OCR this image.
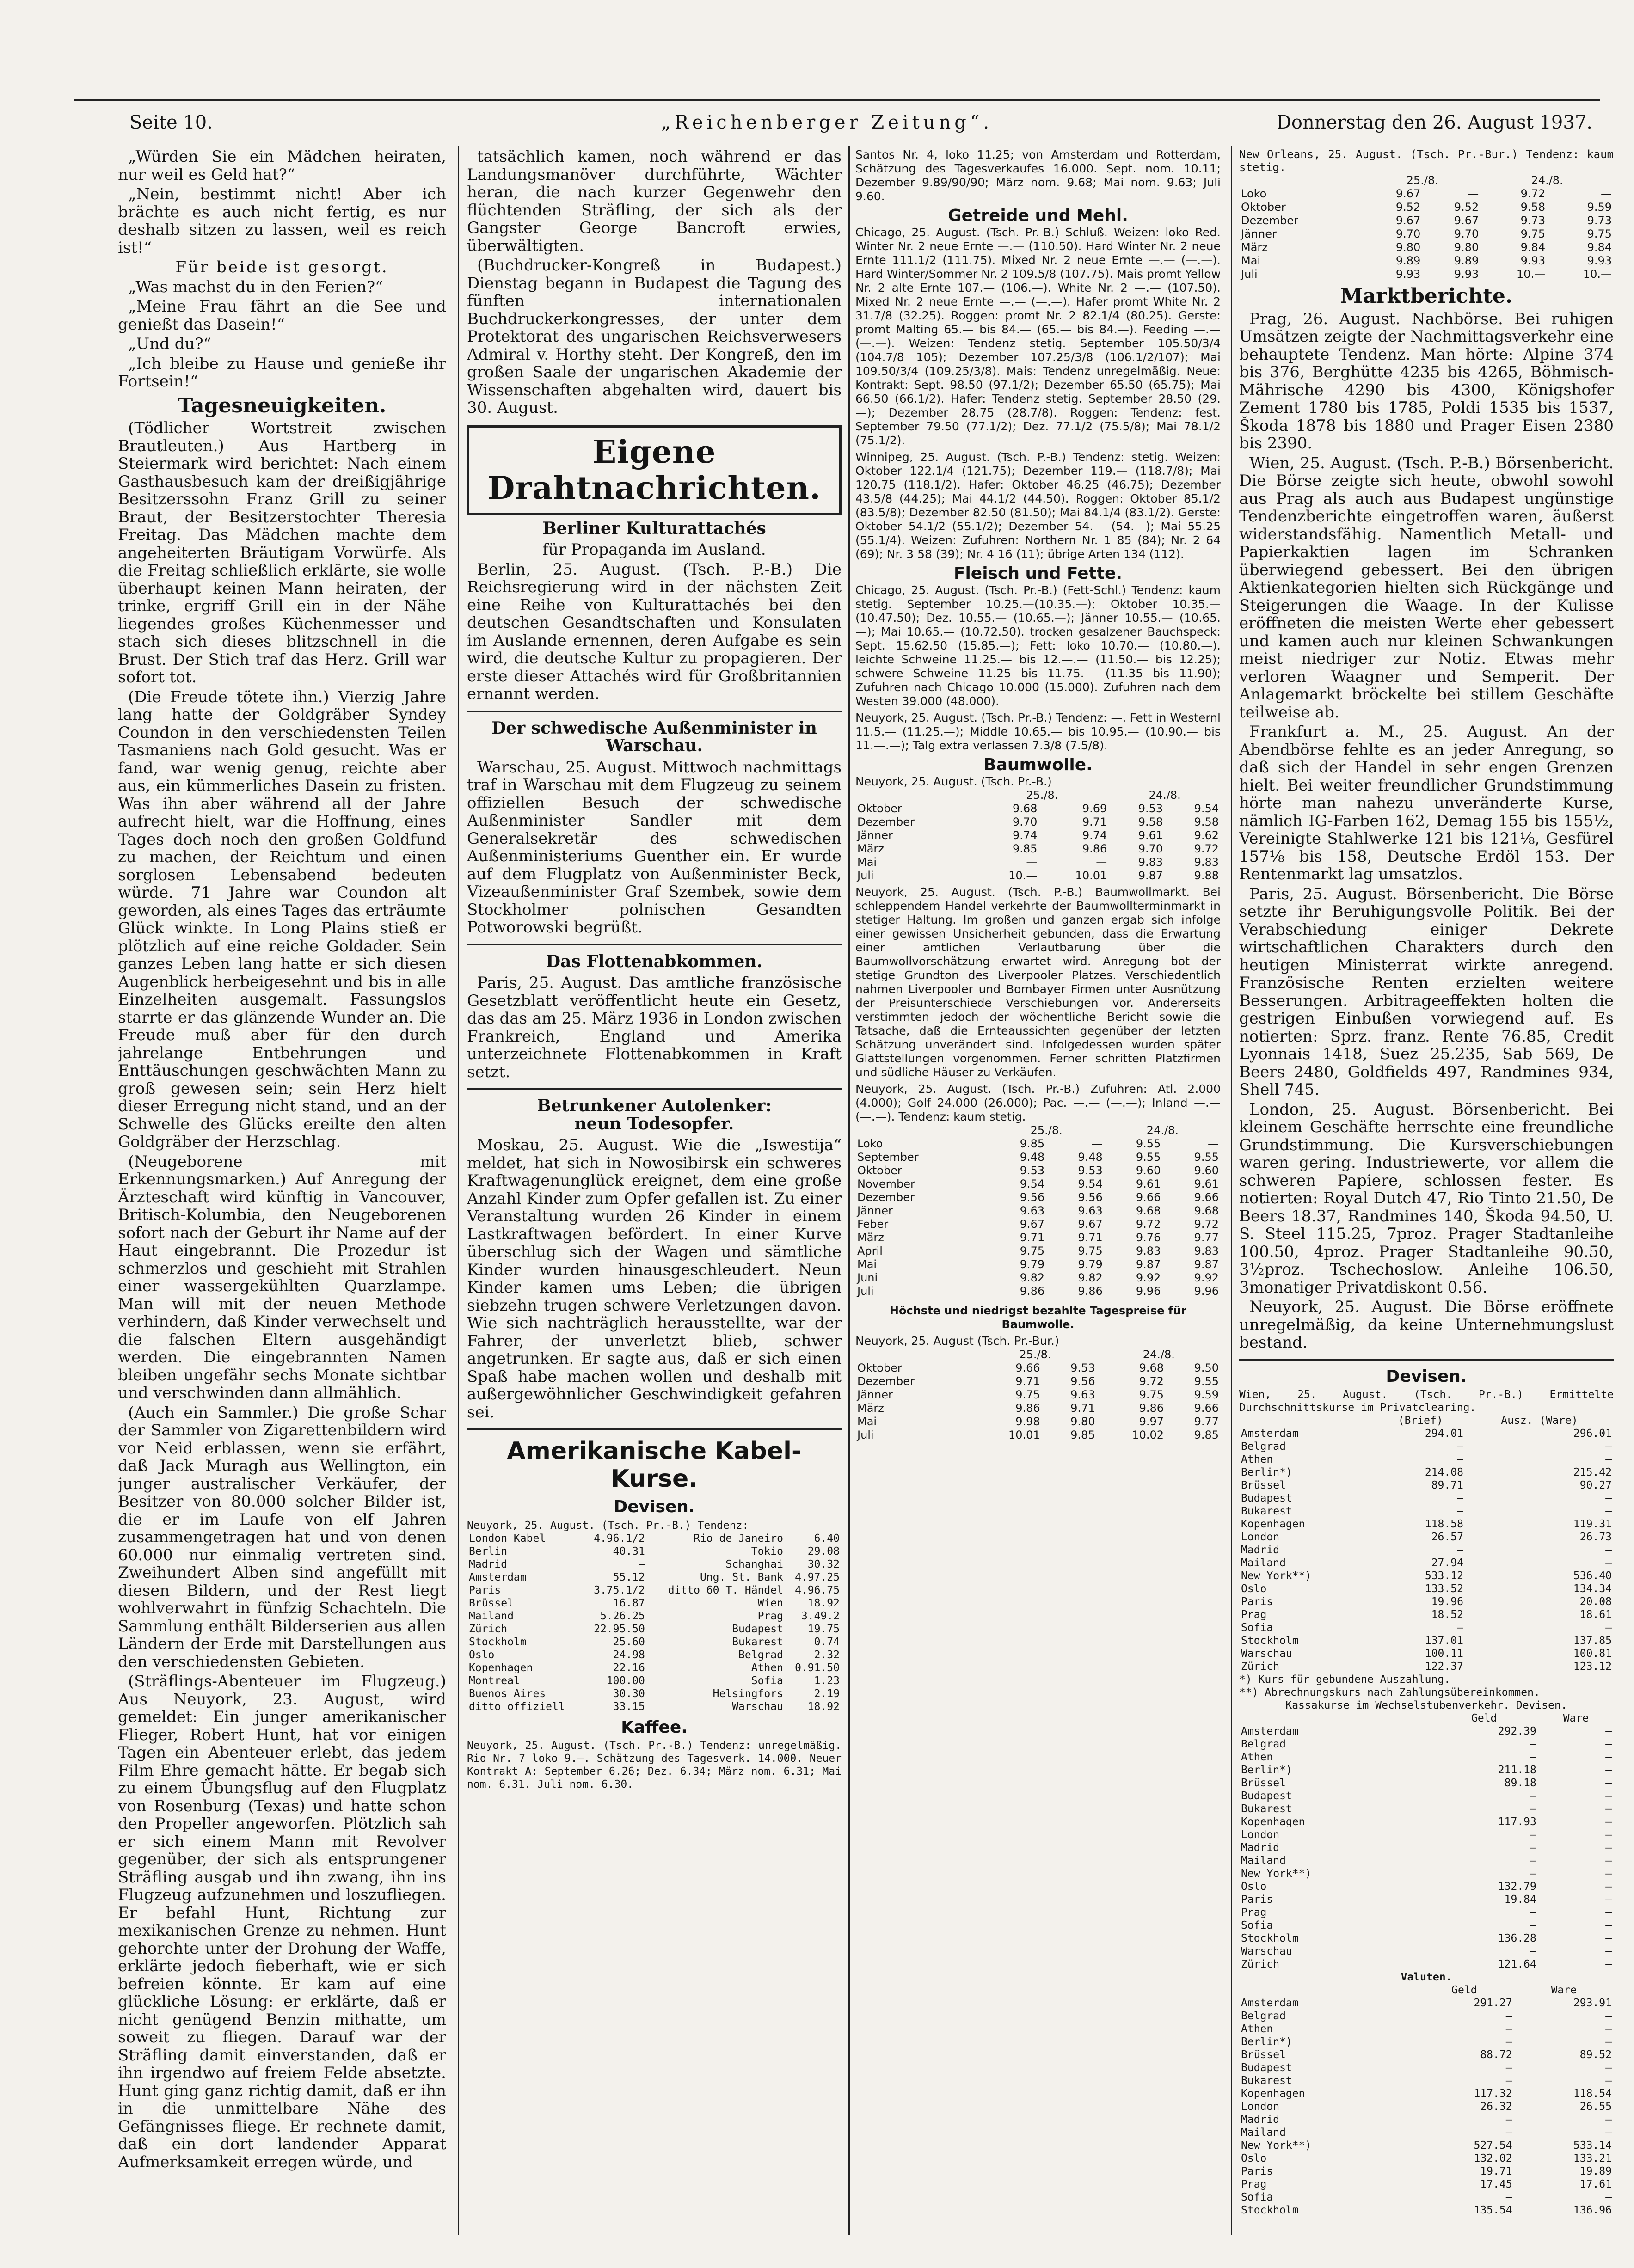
Seite 10.	„Reichenberger Zeitung“.	Donnerstag den 26. August 1937.

„Würden Sie ein Mädchen heiraten, nur weil es Geld hat?“

„Nein, bestimmt nicht! Aber ich brächte es auch nicht fertig, es nur deshalb sitzen zu lassen, weil es reich ist!“

Für beide ist gesorgt.

„Was machst du in den Ferien?“

„Meine Frau fährt an die See und genießt das Dasein!“

„Und du?“

„Ich bleibe zu Hause und genieße ihr Fortsein!“

Tagesneuigkeiten.

(Tödlicher Wortstreit zwischen Brautleuten.) Aus Hartberg in Steiermark wird berichtet: Nach einem Gasthausbesuch kam der dreißigjährige Besitzerssohn Franz Grill zu seiner Braut, der Besitzerstochter Theresia Freitag. Das Mädchen machte dem angeheiterten Bräutigam Vorwürfe. Als die Freitag schließlich erklärte, sie wolle überhaupt keinen Mann heiraten, der trinke, ergriff Grill ein in der Nähe liegendes großes Küchenmesser und stach sich dieses blitzschnell in die Brust. Der Stich traf das Herz. Grill war sofort tot.

(Die Freude tötete ihn.) Vierzig Jahre lang hatte der Goldgräber Syndey Coundon in den verschiedensten Teilen Tasmaniens nach Gold gesucht. Was er fand, war wenig genug, reichte aber aus, ein kümmerliches Dasein zu fristen. Was ihn aber während all der Jahre aufrecht hielt, war die Hoffnung, eines Tages doch noch den großen Goldfund zu machen, der Reichtum und einen sorglosen Lebensabend bedeuten würde. 71 Jahre war Coundon alt geworden, als eines Tages das erträumte Glück winkte. In Long Plains stieß er plötzlich auf eine reiche Goldader. Sein ganzes Leben lang hatte er sich diesen Augenblick herbeigesehnt und bis in alle Einzelheiten ausgemalt. Fassungslos starrte er das glänzende Wunder an. Die Freude muß aber für den durch jahrelange Entbehrungen und Enttäuschungen geschwächten Mann zu groß gewesen sein; sein Herz hielt dieser Erregung nicht stand, und an der Schwelle des Glücks ereilte den alten Goldgräber der Herzschlag.

(Neugeborene mit Erkennungsmarken.) Auf Anregung der Ärzteschaft wird künftig in Vancouver, Britisch-Kolumbia, den Neugeborenen sofort nach der Geburt ihr Name auf der Haut eingebrannt. Die Prozedur ist schmerzlos und geschieht mit Strahlen einer wassergekühlten Quarzlampe. Man will mit der neuen Methode verhindern, daß Kinder verwechselt und die falschen Eltern ausgehändigt werden. Die eingebrannten Namen bleiben ungefähr sechs Monate sichtbar und verschwinden dann allmählich.

(Auch ein Sammler.) Die große Schar der Sammler von Zigarettenbildern wird vor Neid erblassen, wenn sie erfährt, daß Jack Muragh aus Wellington, ein junger australischer Verkäufer, der Besitzer von 80.000 solcher Bilder ist, die er im Laufe von elf Jahren zusammengetragen hat und von denen 60.000 nur einmalig vertreten sind. Zweihundert Alben sind angefüllt mit diesen Bildern, und der Rest liegt wohlverwahrt in fünfzig Schachteln. Die Sammlung enthält Bilderserien aus allen Ländern der Erde mit Darstellungen aus den verschiedensten Gebieten.

(Sträflings-Abenteuer im Flugzeug.) Aus Neuyork, 23. August, wird gemeldet: Ein junger amerikanischer Flieger, Robert Hunt, hat vor einigen Tagen ein Abenteuer erlebt, das jedem Film Ehre gemacht hätte. Er begab sich zu einem Übungsflug auf den Flugplatz von Rosenburg (Texas) und hatte schon den Propeller angeworfen. Plötzlich sah er sich einem Mann mit Revolver gegenüber, der sich als entsprungener Sträfling ausgab und ihn zwang, ihn ins Flugzeug aufzunehmen und loszufliegen. Er befahl Hunt, Richtung zur mexikanischen Grenze zu nehmen. Hunt gehorchte unter der Drohung der Waffe, erklärte jedoch fieberhaft, wie er sich befreien könnte. Er kam auf eine glückliche Lösung: er erklärte, daß er nicht genügend Benzin mithatte, um soweit zu fliegen. Darauf war der Sträfling damit einverstanden, daß er ihn irgendwo auf freiem Felde absetzte. Hunt ging ganz richtig damit, daß er ihn in die unmittelbare Nähe des Gefängnisses fliege. Er rechnete damit, daß ein dort landender Apparat Aufmerksamkeit erregen würde, und

tatsächlich kamen, noch während er das Landungsmanöver durchführte, Wächter heran, die nach kurzer Gegenwehr den flüchtenden Sträfling, der sich als der Gangster George Bancroft erwies, überwältigten.

(Buchdrucker-Kongreß in Budapest.) Dienstag begann in Budapest die Tagung des fünften internationalen Buchdruckerkongresses, der unter dem Protektorat des ungarischen Reichsverwesers Admiral v. Horthy steht. Der Kongreß, den im großen Saale der ungarischen Akademie der Wissenschaften abgehalten wird, dauert bis 30. August.

Eigene Drahtnachrichten.
Berliner Kulturattachés

für Propaganda im Ausland.

Berlin, 25. August. (Tsch. P.-B.) Die Reichsregierung wird in der nächsten Zeit eine Reihe von Kulturattachés bei den deutschen Gesandtschaften und Konsulaten im Auslande ernennen, deren Aufgabe es sein wird, die deutsche Kultur zu propagieren. Der erste dieser Attachés wird für Großbritannien ernannt werden.

Der schwedische Außenminister in Warschau.

Warschau, 25. August. Mittwoch nachmittags traf in Warschau mit dem Flugzeug zu seinem offiziellen Besuch der schwedische Außenminister Sandler mit dem Generalsekretär des schwedischen Außenministeriums Guenther ein. Er wurde auf dem Flugplatz von Außenminister Beck, Vizeaußenminister Graf Szembek, sowie dem Stockholmer polnischen Gesandten Potworowski begrüßt.

Das Flottenabkommen.

Paris, 25. August. Das amtliche französische Gesetzblatt veröffentlicht heute ein Gesetz, das das am 25. März 1936 in London zwischen Frankreich, England und Amerika unterzeichnete Flottenabkommen in Kraft setzt.

Betrunkener Autolenker:
neun Todesopfer.

Moskau, 25. August. Wie die „Iswestija“ meldet, hat sich in Nowosibirsk ein schweres Kraftwagenunglück ereignet, dem eine große Anzahl Kinder zum Opfer gefallen ist. Zu einer Veranstaltung wurden 26 Kinder in einem Lastkraftwagen befördert. In einer Kurve überschlug sich der Wagen und sämtliche Kinder wurden hinausgeschleudert. Neun Kinder kamen ums Leben; die übrigen siebzehn trugen schwere Verletzungen davon. Wie sich nachträglich herausstellte, war der Fahrer, der unverletzt blieb, schwer angetrunken. Er sagte aus, daß er sich einen Spaß habe machen wollen und deshalb mit außergewöhnlicher Geschwindigkeit gefahren sei.

Amerikanische Kabel-Kurse.
Devisen.
Neuyork, 25. August. (Tsch. Pr.-B.) Tendenz:
London Kabel	4.96.1/2	Rio de Janeiro	6.40
Berlin	40.31	Tokio	29.08
Madrid	—	Schanghai	30.32
Amsterdam	55.12	Ung. St. Bank	4.97.25
Paris	3.75.1/2	ditto 60 T. Händel	4.96.75
Brüssel	16.87	Wien	18.92
Mailand	5.26.25	Prag	3.49.2
Zürich	22.95.50	Budapest	19.75
Stockholm	25.60	Bukarest	0.74
Oslo	24.98	Belgrad	2.32
Kopenhagen	22.16	Athen	0.91.50
Montreal	100.00	Sofia	1.23
Buenos Aires	30.30	Helsingfors	2.19
ditto offiziell	33.15	Warschau	18.92
Kaffee.
Neuyork, 25. August. (Tsch. Pr.-B.) Tendenz: unregelmäßig. Rio Nr. 7 loko 9.—. Schätzung des Tagesverk. 14.000. Neuer Kontrakt A: September 6.26; Dez. 6.34; März nom. 6.31; Mai nom. 6.31. Juli nom. 6.30.
Santos Nr. 4, loko 11.25; von Amsterdam und Rotterdam, Schätzung des Tagesverkaufes 16.000. Sept. nom. 10.11; Dezember 9.89/90/90; März nom. 9.68; Mai nom. 9.63; Juli 9.60.
Getreide und Mehl.
Chicago, 25. August. (Tsch. Pr.-B.) Schluß. Weizen: loko Red. Winter Nr. 2 neue Ernte —.— (110.50). Hard Winter Nr. 2 neue Ernte 111.1/2 (111.75). Mixed Nr. 2 neue Ernte —.— (—.—). Hard Winter/Sommer Nr. 2 109.5/8 (107.75). Mais promt Yellow Nr. 2 alte Ernte 107.— (106.—). White Nr. 2 —.— (107.50). Mixed Nr. 2 neue Ernte —.— (—.—). Hafer promt White Nr. 2 31.7/8 (32.25). Roggen: promt Nr. 2 82.1/4 (80.25). Gerste: promt Malting 65.— bis 84.— (65.— bis 84.—). Feeding —.— (—.—). Weizen: Tendenz stetig. September 105.50/3/4 (104.7/8 105); Dezember 107.25/3/8 (106.1/2/107); Mai 109.50/3/4 (109.25/3/8). Mais: Tendenz unregelmäßig. Neue: Kontrakt: Sept. 98.50 (97.1/2); Dezember 65.50 (65.75); Mai 66.50 (66.1/2). Hafer: Tendenz stetig. September 28.50 (29.—); Dezember 28.75 (28.7/8). Roggen: Tendenz: fest. September 79.50 (77.1/2); Dez. 77.1/2 (75.5/8); Mai 78.1/2 (75.1/2).
Winnipeg, 25. August. (Tsch. P.-B.) Tendenz: stetig. Weizen: Oktober 122.1/4 (121.75); Dezember 119.— (118.7/8); Mai 120.75 (118.1/2). Hafer: Oktober 46.25 (46.75); Dezember 43.5/8 (44.25); Mai 44.1/2 (44.50). Roggen: Oktober 85.1/2 (83.5/8); Dezember 82.50 (81.50); Mai 84.1/4 (83.1/2). Gerste: Oktober 54.1/2 (55.1/2); Dezember 54.— (54.—); Mai 55.25 (55.1/4). Weizen: Zufuhren: Northern Nr. 1 85 (84); Nr. 2 64 (69); Nr. 3 58 (39); Nr. 4 16 (11); übrige Arten 134 (112).
Fleisch und Fette.
Chicago, 25. August. (Tsch. Pr.-B.) (Fett-Schl.) Tendenz: kaum stetig. September 10.25.—(10.35.—); Oktober 10.35.—(10.47.50); Dez. 10.55.— (10.65.—); Jänner 10.55.— (10.65.—); Mai 10.65.— (10.72.50). trocken gesalzener Bauchspeck: Sept. 15.62.50 (15.85.—); Fett: loko 10.70.— (10.80.—). leichte Schweine 11.25.— bis 12.—.— (11.50.— bis 12.25); schwere Schweine 11.25 bis 11.75.— (11.35 bis 11.90); Zufuhren nach Chicago 10.000 (15.000). Zufuhren nach dem Westen 39.000 (48.000).
Neuyork, 25. August. (Tsch. Pr.-B.) Tendenz: —. Fett in Westernl 11.5.— (11.25.—); Middle 10.65.— bis 10.95.— (10.90.— bis 11.—.—); Talg extra verlassen 7.3/8 (7.5/8).
Baumwolle.
Neuyork, 25. August. (Tsch. Pr.-B.)
	25./8.		24./8.	
Oktober	9.68	9.69	9.53	9.54
Dezember	9.70	9.71	9.58	9.58
Jänner	9.74	9.74	9.61	9.62
März	9.85	9.86	9.70	9.72
Mai	—	—	9.83	9.83
Juli	10.—	10.01	9.87	9.88
Neuyork, 25. August. (Tsch. P.-B.) Baumwollmarkt. Bei schleppendem Handel verkehrte der Baumwollterminmarkt in stetiger Haltung. Im großen und ganzen ergab sich infolge einer gewissen Unsicherheit gebunden, dass die Erwartung einer amtlichen Verlautbarung über die Baumwollvorschätzung erwartet wird. Anregung bot der stetige Grundton des Liverpooler Platzes. Verschiedentlich nahmen Liverpooler und Bombayer Firmen unter Ausnützung der Preisunterschiede Verschiebungen vor. Andererseits verstimmten jedoch der wöchentliche Bericht sowie die Tatsache, daß die Ernteaussichten gegenüber der letzten Schätzung unverändert sind. Infolgedessen wurden später Glattstellungen vorgenommen. Ferner schritten Platzfirmen und südliche Häuser zu Verkäufen.
Neuyork, 25. August. (Tsch. Pr.-B.) Zufuhren: Atl. 2.000 (4.000); Golf 24.000 (26.000); Pac. —.— (—.—); Inland —.— (—.—). Tendenz: kaum stetig.
	25./8.		24./8.	
Loko	9.85	—	9.55	—
September	9.48	9.48	9.55	9.55
Oktober	9.53	9.53	9.60	9.60
November	9.54	9.54	9.61	9.61
Dezember	9.56	9.56	9.66	9.66
Jänner	9.63	9.63	9.68	9.68
Feber	9.67	9.67	9.72	9.72
März	9.71	9.71	9.76	9.77
April	9.75	9.75	9.83	9.83
Mai	9.79	9.79	9.87	9.87
Juni	9.82	9.82	9.92	9.92
Juli	9.86	9.86	9.96	9.96
Höchste und niedrigst bezahlte Tagespreise für Baumwolle.
Neuyork, 25. August (Tsch. Pr.-Bur.)
	25./8.		24./8.	
Oktober	9.66	9.53	9.68	9.50
Dezember	9.71	9.56	9.72	9.55
Jänner	9.75	9.63	9.75	9.59
März	9.86	9.71	9.86	9.66
Mai	9.98	9.80	9.97	9.77
Juli	10.01	9.85	10.02	9.85
New Orleans, 25. August. (Tsch. Pr.-Bur.) Tendenz: kaum stetig.
	25./8.		24./8.	
Loko	9.67	—	9.72	—
Oktober	9.52	9.52	9.58	9.59
Dezember	9.67	9.67	9.73	9.73
Jänner	9.70	9.70	9.75	9.75
März	9.80	9.80	9.84	9.84
Mai	9.89	9.89	9.93	9.93
Juli	9.93	9.93	10.—	10.—
Marktberichte.

Prag, 26. August. Nachbörse. Bei ruhigen Umsätzen zeigte der Nachmittagsverkehr eine behauptete Tendenz. Man hörte: Alpine 374 bis 376, Berghütte 4235 bis 4265, Böhmisch-Mährische 4290 bis 4300, Königshofer Zement 1780 bis 1785, Poldi 1535 bis 1537, Škoda 1878 bis 1880 und Prager Eisen 2380 bis 2390.

Wien, 25. August. (Tsch. P.-B.) Börsenbericht. Die Börse zeigte sich heute, obwohl sowohl aus Prag als auch aus Budapest ungünstige Tendenzberichte eingetroffen waren, äußerst widerstandsfähig. Namentlich Metall- und Papierkaktien lagen im Schranken überwiegend gebessert. Bei den übrigen Aktienkategorien hielten sich Rückgänge und Steigerungen die Waage. In der Kulisse eröffneten die meisten Werte eher gebessert und kamen auch nur kleinen Schwankungen meist niedriger zur Notiz. Etwas mehr verloren Waagner und Semperit. Der Anlagemarkt bröckelte bei stillem Geschäfte teilweise ab.

Frankfurt a. M., 25. August. An der Abendbörse fehlte es an jeder Anregung, so daß sich der Handel in sehr engen Grenzen hielt. Bei weiter freundlicher Grundstimmung hörte man nahezu unveränderte Kurse, nämlich IG-Farben 162, Demag 155 bis 155½, Vereinigte Stahlwerke 121 bis 121⅛, Gesfürel 157⅛ bis 158, Deutsche Erdöl 153. Der Rentenmarkt lag umsatzlos.

Paris, 25. August. Börsenbericht. Die Börse setzte ihr Beruhigungsvolle Politik. Bei der Verabschiedung einiger Dekrete wirtschaftlichen Charakters durch den heutigen Ministerrat wirkte anregend. Französische Renten erzielten weitere Besserungen. Arbitrageeffekten holten die gestrigen Einbußen vorwiegend auf. Es notierten: Sprz. franz. Rente 76.85, Credit Lyonnais 1418, Suez 25.235, Sab 569, De Beers 2480, Goldfields 497, Randmines 934, Shell 745.

London, 25. August. Börsenbericht. Bei kleinem Geschäfte herrschte eine freundliche Grundstimmung. Die Kursverschiebungen waren gering. Industriewerte, vor allem die schweren Papiere, schlossen fester. Es notierten: Royal Dutch 47, Rio Tinto 21.50, De Beers 18.37, Randmines 140, Škoda 94.50, U. S. Steel 115.25, 7proz. Prager Stadtanleihe 100.50, 4proz. Prager Stadtanleihe 90.50, 3½proz. Tschechoslow. Anleihe 106.50, 3monatiger Privatdiskont 0.56.

Neuyork, 25. August. Die Börse eröffnete unregelmäßig, da keine Unternehmungslust bestand.

Devisen.
Wien, 25. August. (Tsch. Pr.-B.) Ermittelte Durchschnittskurse im Privatclearing.
	(Brief)	Ausz. (Ware)
Amsterdam	294.01	296.01
Belgrad	—	—
Athen	—	—
Berlin*)	214.08	215.42
Brüssel	89.71	90.27
Budapest	—	—
Bukarest	—	—
Kopenhagen	118.58	119.31
London	26.57	26.73
Madrid	—	—
Mailand	27.94	—
New York**)	533.12	536.40
Oslo	133.52	134.34
Paris	19.96	20.08
Prag	18.52	18.61
Sofia	—	—
Stockholm	137.01	137.85
Warschau	100.11	100.81
Zürich	122.37	123.12
*) Kurs für gebundene Auszahlung.
**) Abrechnungskurs nach Zahlungsübereinkommen.
Kassakurse im Wechselstubenverkehr. Devisen.
	Geld	Ware
Amsterdam	292.39	—
Belgrad	—	—
Athen	—	—
Berlin*)	211.18	—
Brüssel	89.18	—
Budapest	—	—
Bukarest	—	—
Kopenhagen	117.93	—
London	—	—
Madrid	—	—
Mailand	—	—
New York**)	—	—
Oslo	132.79	—
Paris	19.84	—
Prag	—	—
Sofia	—	—
Stockholm	136.28	—
Warschau	—	—
Zürich	121.64	—
Valuten.
	Geld	Ware
Amsterdam	291.27	293.91
Belgrad	—	—
Athen	—	—
Berlin*)	—	—
Brüssel	88.72	89.52
Budapest	—	—
Bukarest	—	—
Kopenhagen	117.32	118.54
London	26.32	26.55
Madrid	—	—
Mailand	—	—
New York**)	527.54	533.14
Oslo	132.02	133.21
Paris	19.71	19.89
Prag	17.45	17.61
Sofia	—	—
Stockholm	135.54	136.96
